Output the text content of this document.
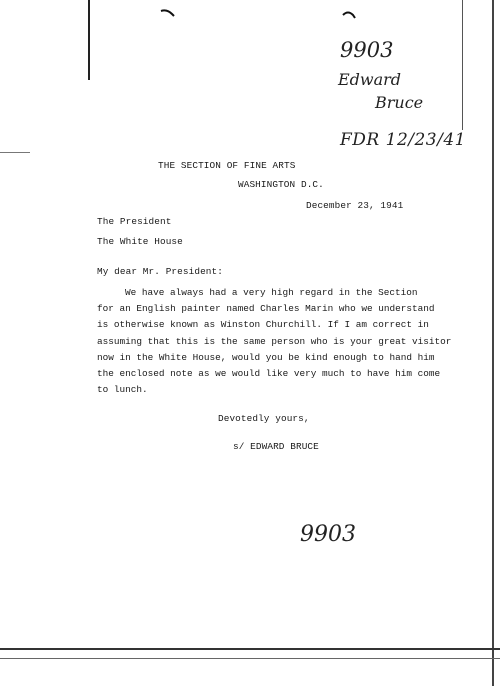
9903
Edward
Bruce
FDR 12/23/41
THE SECTION OF FINE ARTS
WASHINGTON D.C.
December 23, 1941
The President
The White House
My dear Mr. President:
We have always had a very high regard in the Section
for an English painter named Charles Marin who we understand
is otherwise known as Winston Churchill. If I am correct in
assuming that this is the same person who is your great visitor
now in the White House, would you be kind enough to hand him
the enclosed note as we would like very much to have him come
to lunch.
Devotedly yours,
s/ EDWARD BRUCE
9903
